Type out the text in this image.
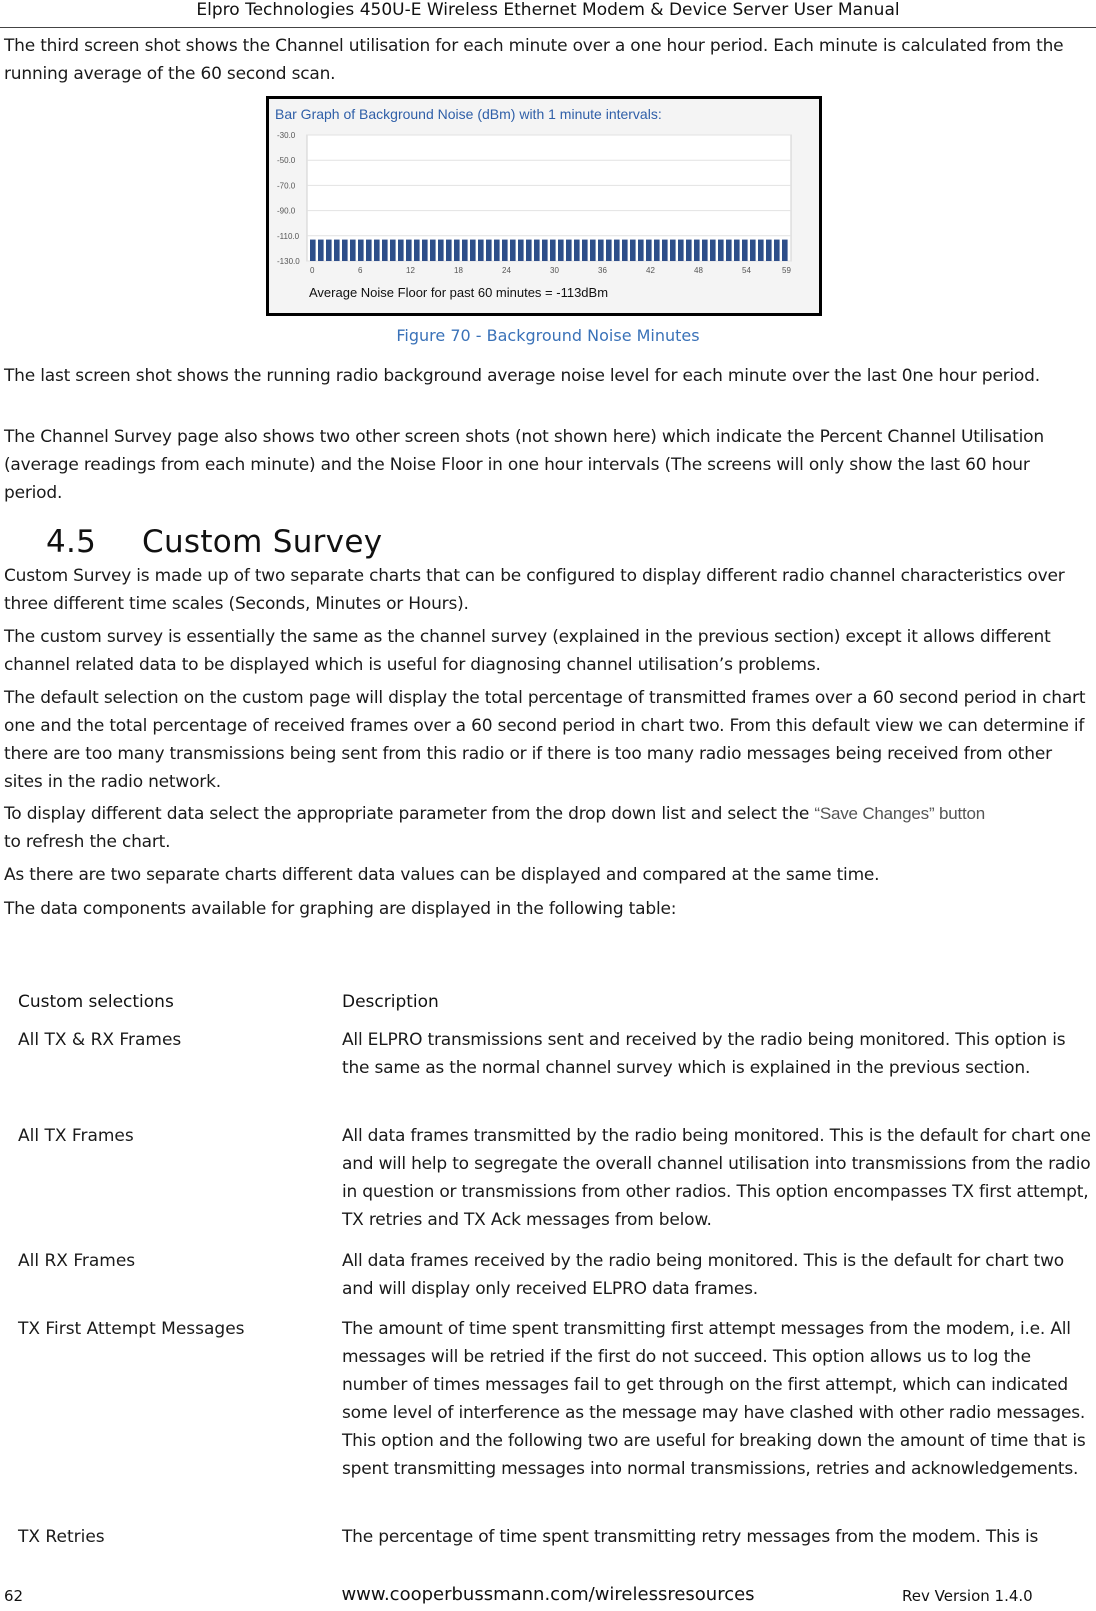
Elpro Technologies 450U-E Wireless Ethernet Modem & Device Server User Manual

The third screen shot shows the Channel utilisation for each minute over a one hour period. Each minute is calculated from the running average of the 60 second scan.

Bar Graph of Background Noise (dBm) with 1 minute intervals:
-30.0
-50.0
-70.0
-90.0
-110.0
-130.0
0	6	12	18	24	30	36	42	48	54	59
Average Noise Floor for past 60 minutes = -113dBm
Figure 70 - Background Noise Minutes

The last screen shot shows the running radio background average noise level for each minute over the last 0ne hour period.

The Channel Survey page also shows two other screen shots (not shown here) which indicate the Percent Channel Utilisation (average readings from each minute) and the Noise Floor in one hour intervals (The screens will only show the last 60 hour period.

4.5 Custom Survey

Custom Survey is made up of two separate charts that can be configured to display different radio channel characteristics over three different time scales (Seconds, Minutes or Hours).

The custom survey is essentially the same as the channel survey (explained in the previous section) except it allows different channel related data to be displayed which is useful for diagnosing channel utilisation’s problems.

The default selection on the custom page will display the total percentage of transmitted frames over a 60 second period in chart one and the total percentage of received frames over a 60 second period in chart two. From this default view we can determine if there are too many transmissions being sent from this radio or if there is too many radio messages being received from other sites in the radio network.

To display different data select the appropriate parameter from the drop down list and select the “Save Changes” button
to refresh the chart.

As there are two separate charts different data values can be displayed and compared at the same time.

The data components available for graphing are displayed in the following table:

Custom selections	Description
All TX & RX Frames	All ELPRO transmissions sent and received by the radio being monitored. This option is the same as the normal channel survey which is explained in the previous section.
All TX Frames	All data frames transmitted by the radio being monitored. This is the default for chart one and will help to segregate the overall channel utilisation into transmissions from the radio in question or transmissions from other radios. This option encompasses TX first attempt, TX retries and TX Ack messages from below.
All RX Frames	All data frames received by the radio being monitored. This is the default for chart two and will display only received ELPRO data frames.
TX First Attempt Messages	The amount of time spent transmitting first attempt messages from the modem, i.e. All messages will be retried if the first do not succeed. This option allows us to log the number of times messages fail to get through on the first attempt, which can indicated some level of interference as the message may have clashed with other radio messages. This option and the following two are useful for breaking down the amount of time that is spent transmitting messages into normal transmissions, retries and acknowledgements.
TX Retries	The percentage of time spent transmitting retry messages from the modem. This is
62	www.cooperbussmann.com/wirelessresources	Rev Version 1.4.0
